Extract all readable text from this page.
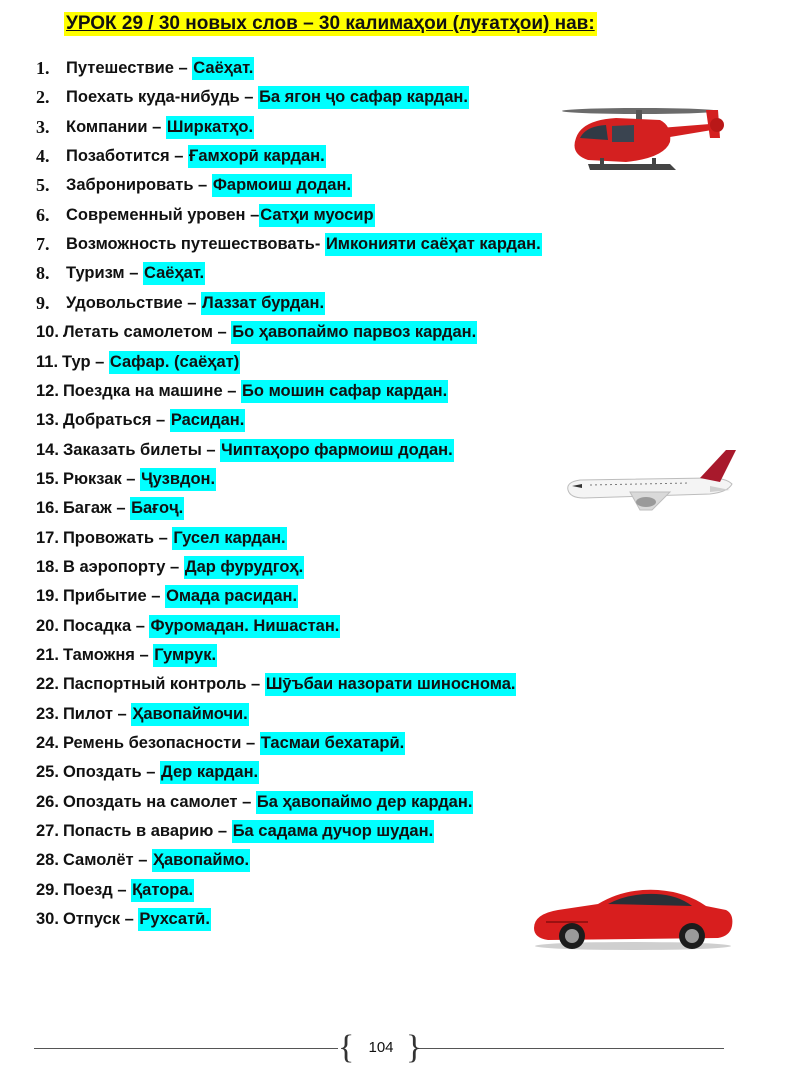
УРОК 29 / 30 новых слов – 30 калимаҳои (луғатҳои) нав:
1.	Путешествие – Саёҳат.
2.	Поехать куда-нибудь – Ба ягон ҷо сафар кардан.
3.	Компании – Ширкатҳо.
4.	Позаботится – Ғамхорӣ кардан.
5.	Забронировать – Фармоиш додан.
6.	Современный уровен – Сатҳи муосир
7.	Возможность путешествовать - Имконияти саёҳат кардан.
8.	Туризм – Саёҳат.
9.	Удовольствие – Лаззат бурдан.
10. Летать самолетом – Бо ҳавопаймо парвоз кардан.
11. Тур – Сафар. (саёҳат)
12. Поездка на машине – Бо мошин сафар кардан.
13. Добраться – Расидан.
14. Заказать билеты – Чиптаҳоро фармоиш додан.
15. Рюкзак – Ҷузвдон.
16. Багаж – Бағоҷ.
17. Провожать – Гусел кардан.
18. В аэропорту – Дар фурудгоҳ.
19. Прибытие – Омада расидан.
20. Посадка – Фуромадан. Нишастан.
21. Таможня – Гумрук.
22. Паспортный контроль – Шӯъбаи назорати шиноснома.
23. Пилот – Ҳавопаймочи.
24. Ремень безопасности – Тасмаи бехатарӣ.
25. Опоздать – Дер кардан.
26. Опоздать на самолет – Ба ҳавопаймо дер кардан.
27. Попасть в аварию – Ба садама дучор шудан.
28. Самолёт – Ҳавопаймо.
29. Поезд – Қатора.
30. Отпуск – Рухсатӣ.
{ }
104
